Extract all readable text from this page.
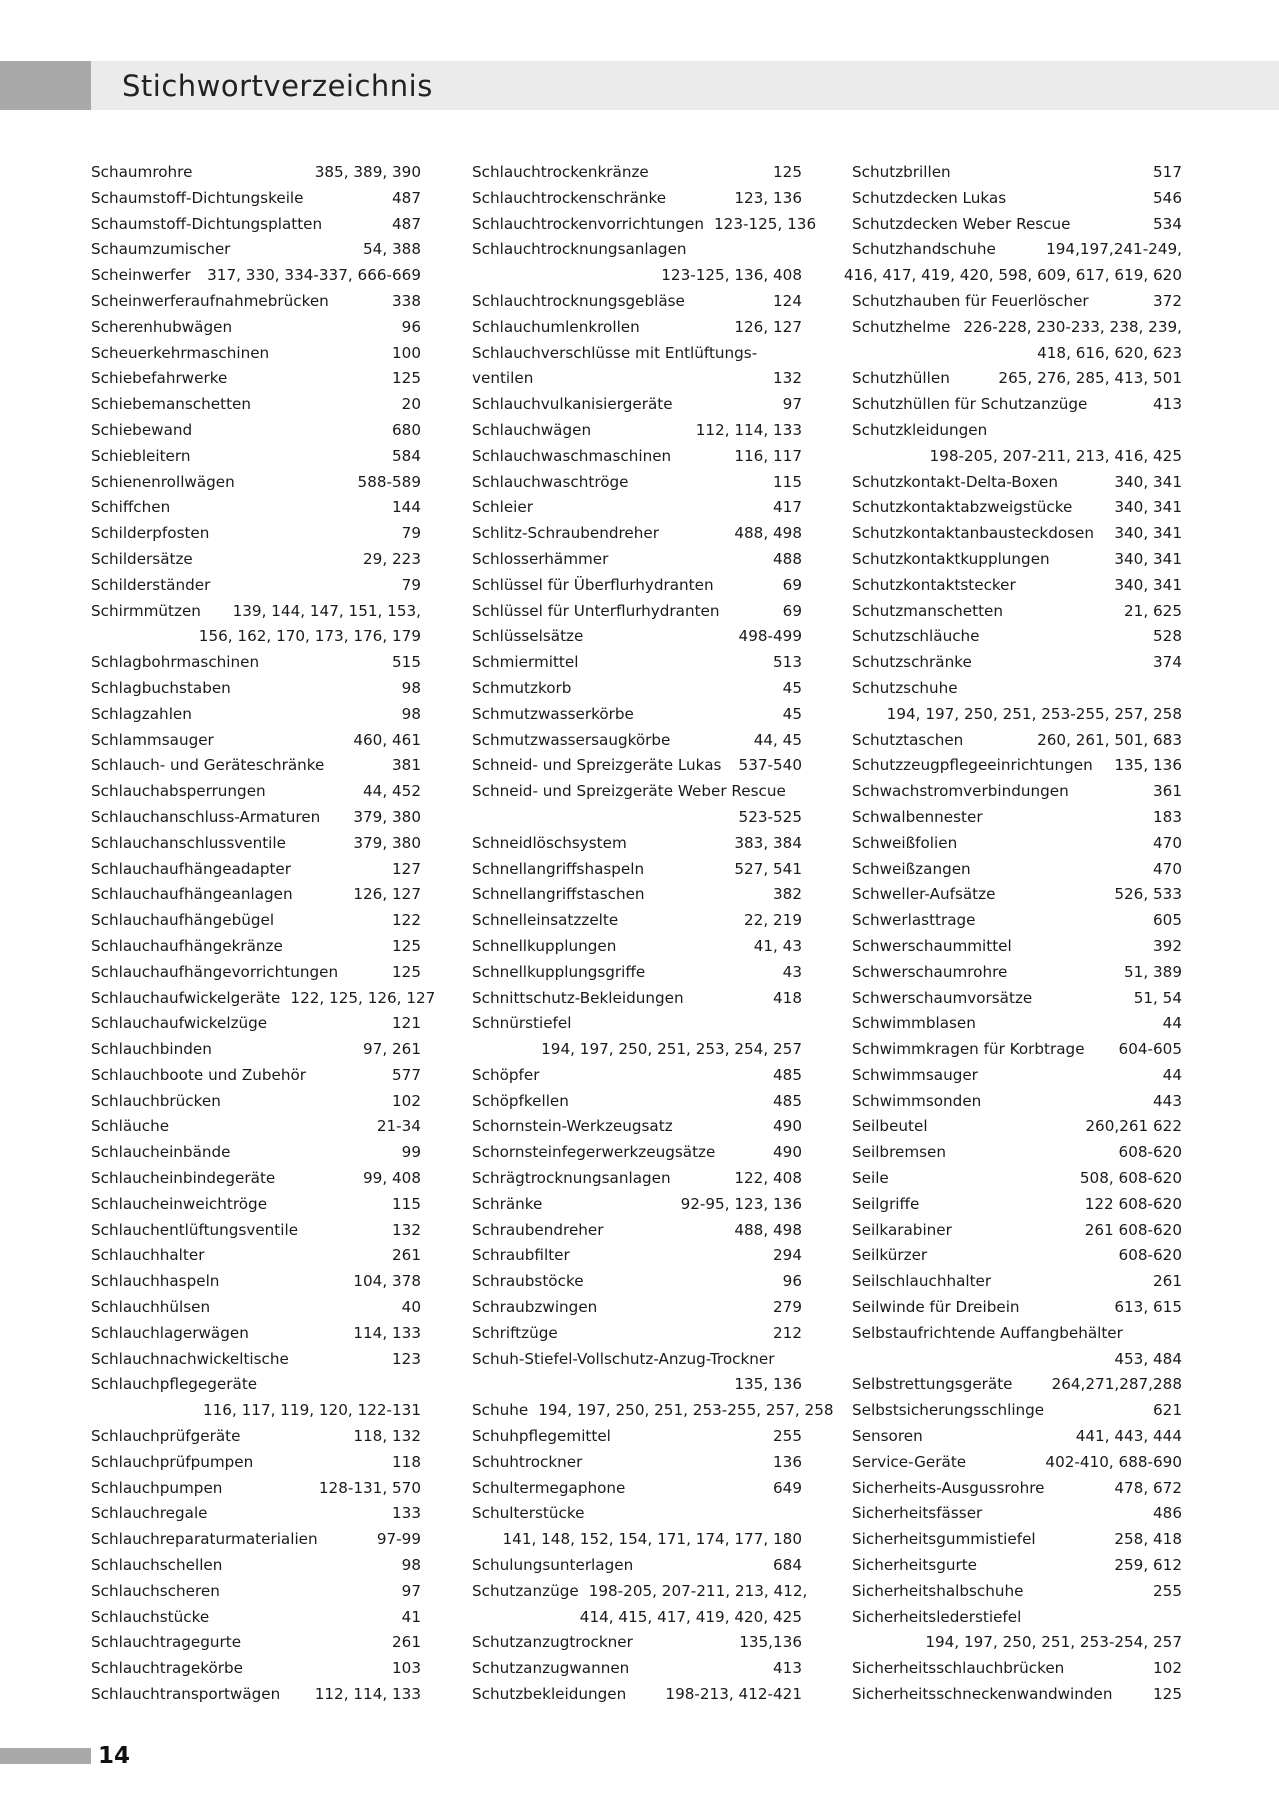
Stichwortverzeichnis
Schaumrohre	385, 389, 390
Schaumstoff-Dichtungskeile	487
Schaumstoff-Dichtungsplatten	487
Schaumzumischer	54, 388
Scheinwerfer	317, 330, 334-337, 666-669
Scheinwerferaufnahmebrücken	338
Scherenhubwägen	96
Scheuerkehrmaschinen	100
Schiebefahrwerke	125
Schiebemanschetten	20
Schiebewand	680
Schiebleitern	584
Schienenrollwägen	588-589
Schiffchen	144
Schilderpfosten	79
Schildersätze	29, 223
Schilderständer	79
Schirmmützen	139, 144, 147, 151, 153,
156, 162, 170, 173, 176, 179
Schlagbohrmaschinen	515
Schlagbuchstaben	98
Schlagzahlen	98
Schlammsauger	460, 461
Schlauch- und Geräteschränke	381
Schlauchabsperrungen	44, 452
Schlauchanschluss-Armaturen	379, 380
Schlauchanschlussventile	379, 380
Schlauchaufhängeadapter	127
Schlauchaufhängeanlagen	126, 127
Schlauchaufhängebügel	122
Schlauchaufhängekränze	125
Schlauchaufhängevorrichtungen	125
Schlauchaufwickelgeräte 122, 125, 126, 127
Schlauchaufwickelzüge	121
Schlauchbinden	97, 261
Schlauchboote und Zubehör	577
Schlauchbrücken	102
Schläuche	21-34
Schlaucheinbände	99
Schlaucheinbindegeräte	99, 408
Schlaucheinweichtröge	115
Schlauchentlüftungsventile	132
Schlauchhalter	261
Schlauchhaspeln	104, 378
Schlauchhülsen	40
Schlauchlagerwägen	114, 133
Schlauchnachwickeltische	123
Schlauchpflegegeräte
116, 117, 119, 120, 122-131
Schlauchprüfgeräte	118, 132
Schlauchprüfpumpen	118
Schlauchpumpen	128-131, 570
Schlauchregale	133
Schlauchreparaturmaterialien	97-99
Schlauchschellen	98
Schlauchscheren	97
Schlauchstücke	41
Schlauchtragegurte	261
Schlauchtragekörbe	103
Schlauchtransportwägen	112, 114, 133
Schlauchtrockenkränze	125
Schlauchtrockenschränke	123, 136
Schlauchtrockenvorrichtungen 123-125, 136
Schlauchtrocknungsanlagen
123-125, 136, 408
Schlauchtrocknungsgebläse	124
Schlauchumlenkrollen	126, 127
Schlauchverschlüsse mit Entlüftungs-
ventilen	132
Schlauchvulkanisiergeräte	97
Schlauchwägen	112, 114, 133
Schlauchwaschmaschinen	116, 117
Schlauchwaschtröge	115
Schleier	417
Schlitz-Schraubendreher	488, 498
Schlosserhämmer	488
Schlüssel für Überflurhydranten	69
Schlüssel für Unterflurhydranten	69
Schlüsselsätze	498-499
Schmiermittel	513
Schmutzkorb	45
Schmutzwasserkörbe	45
Schmutzwassersaugkörbe	44, 45
Schneid- und Spreizgeräte Lukas	537-540
Schneid- und Spreizgeräte Weber Rescue
523-525
Schneidlöschsystem	383, 384
Schnellangriffshaspeln	527, 541
Schnellangriffstaschen	382
Schnelleinsatzzelte	22, 219
Schnellkupplungen	41, 43
Schnellkupplungsgriffe	43
Schnittschutz-Bekleidungen	418
Schnürstiefel
194, 197, 250, 251, 253, 254, 257
Schöpfer	485
Schöpfkellen	485
Schornstein-Werkzeugsatz	490
Schornsteinfegerwerkzeugsätze	490
Schrägtrocknungsanlagen	122, 408
Schränke	92-95, 123, 136
Schraubendreher	488, 498
Schraubfilter	294
Schraubstöcke	96
Schraubzwingen	279
Schriftzüge	212
Schuh-Stiefel-Vollschutz-Anzug-Trockner
135, 136
Schuhe 194, 197, 250, 251, 253-255, 257, 258
Schuhpflegemittel	255
Schuhtrockner	136
Schultermegaphone	649
Schulterstücke
141, 148, 152, 154, 171, 174, 177, 180
Schulungsunterlagen	684
Schutzanzüge 198-205, 207-211, 213, 412,
414, 415, 417, 419, 420, 425
Schutzanzugtrockner	135,136
Schutzanzugwannen	413
Schutzbekleidungen	198-213, 412-421
Schutzbrillen	517
Schutzdecken Lukas	546
Schutzdecken Weber Rescue	534
Schutzhandschuhe	194,197,241-249,
416, 417, 419, 420, 598, 609, 617, 619, 620
Schutzhauben für Feuerlöscher	372
Schutzhelme 226-228, 230-233, 238, 239,
418, 616, 620, 623
Schutzhüllen	265, 276, 285, 413, 501
Schutzhüllen für Schutzanzüge	413
Schutzkleidungen
198-205, 207-211, 213, 416, 425
Schutzkontakt-Delta-Boxen	340, 341
Schutzkontaktabzweigstücke	340, 341
Schutzkontaktanbausteckdosen	340, 341
Schutzkontaktkupplungen	340, 341
Schutzkontaktstecker	340, 341
Schutzmanschetten	21, 625
Schutzschläuche	528
Schutzschränke	374
Schutzschuhe
194, 197, 250, 251, 253-255, 257, 258
Schutztaschen	260, 261, 501, 683
Schutzzeugpflegeeinrichtungen	135, 136
Schwachstromverbindungen	361
Schwalbennester	183
Schweißfolien	470
Schweißzangen	470
Schweller-Aufsätze	526, 533
Schwerlasttrage	605
Schwerschaummittel	392
Schwerschaumrohre	51, 389
Schwerschaumvorsätze	51, 54
Schwimmblasen	44
Schwimmkragen für Korbtrage	604-605
Schwimmsauger	44
Schwimmsonden	443
Seilbeutel	260,261 622
Seilbremsen	608-620
Seile	508, 608-620
Seilgriffe	122 608-620
Seilkarabiner	261 608-620
Seilkürzer	608-620
Seilschlauchhalter	261
Seilwinde für Dreibein	613, 615
Selbstaufrichtende Auffangbehälter
453, 484
Selbstrettungsgeräte	264,271,287,288
Selbstsicherungsschlinge	621
Sensoren	441, 443, 444
Service-Geräte	402-410, 688-690
Sicherheits-Ausgussrohre	478, 672
Sicherheitsfässer	486
Sicherheitsgummistiefel	258, 418
Sicherheitsgurte	259, 612
Sicherheitshalbschuhe	255
Sicherheitslederstiefel
194, 197, 250, 251, 253-254, 257
Sicherheitsschlauchbrücken	102
Sicherheitsschneckenwandwinden	125
14
